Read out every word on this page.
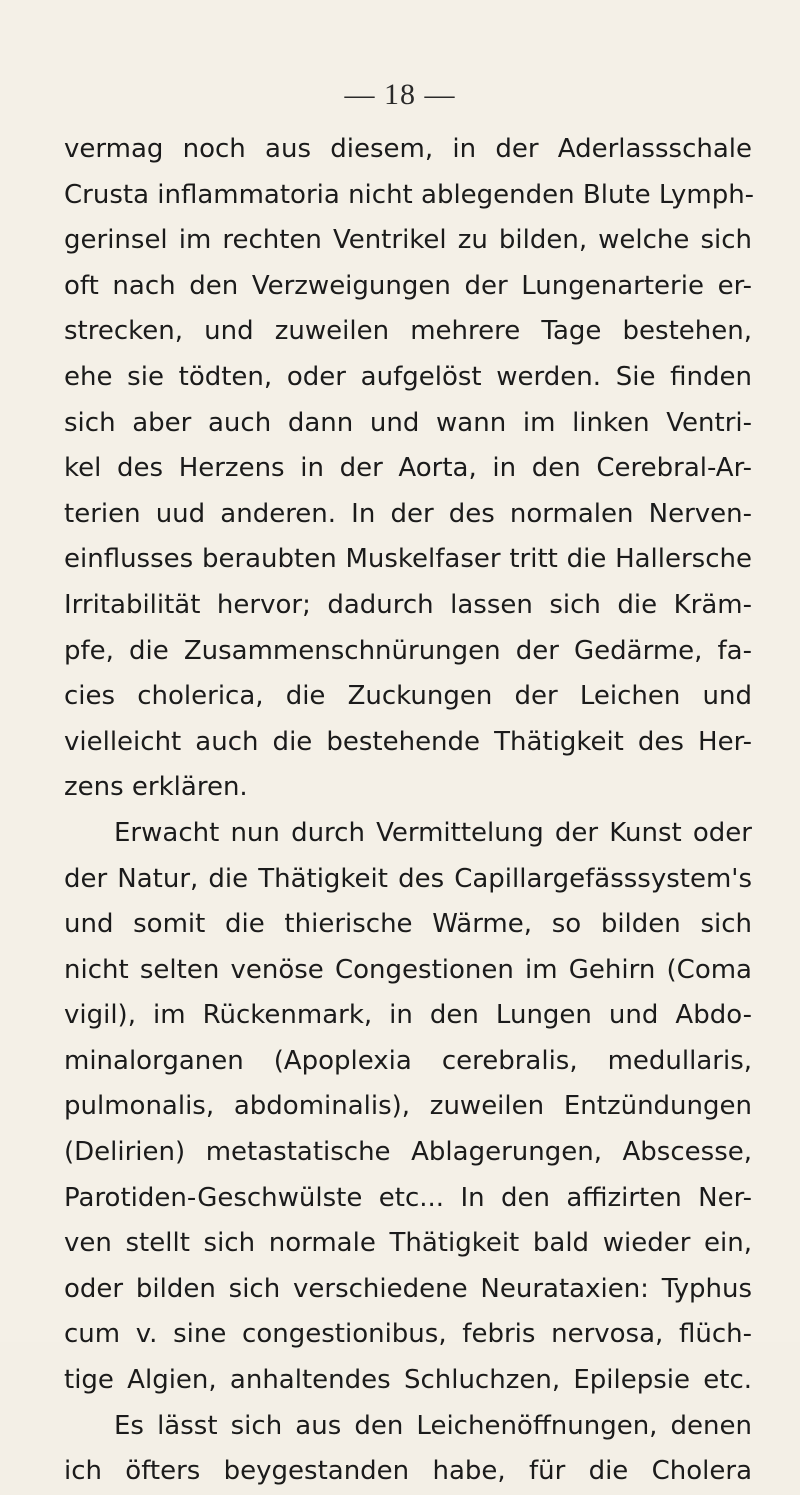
— 18 —
vermag noch aus diesem, in der Aderlassschale
Crusta inflammatoria nicht ablegenden Blute Lymph-
gerinsel im rechten Ventrikel zu bilden, welche sich
oft nach den Verzweigungen der Lungenarterie er-
strecken, und zuweilen mehrere Tage bestehen,
ehe sie tödten, oder aufgelöst werden. Sie finden
sich aber auch dann und wann im linken Ventri-
kel des Herzens in der Aorta, in den Cerebral-Ar-
terien uud anderen. In der des normalen Nerven-
einflusses beraubten Muskelfaser tritt die Hallersche
Irritabilität hervor; dadurch lassen sich die Kräm-
pfe, die Zusammenschnürungen der Gedärme, fa-
cies cholerica, die Zuckungen der Leichen und
vielleicht auch die bestehende Thätigkeit des Her-
zens erklären.
Erwacht nun durch Vermittelung der Kunst oder
der Natur, die Thätigkeit des Capillargefässsystem's
und somit die thierische Wärme, so bilden sich
nicht selten venöse Congestionen im Gehirn (Coma
vigil), im Rückenmark, in den Lungen und Abdo-
minalorganen (Apoplexia cerebralis, medullaris,
pulmonalis, abdominalis), zuweilen Entzündungen
(Delirien) metastatische Ablagerungen, Abscesse,
Parotiden-Geschwülste etc... In den affizirten Ner-
ven stellt sich normale Thätigkeit bald wieder ein,
oder bilden sich verschiedene Neurataxien: Typhus
cum v. sine congestionibus, febris nervosa, flüch-
tige Algien, anhaltendes Schluchzen, Epilepsie etc.
Es lässt sich aus den Leichenöffnungen, denen
ich öfters beygestanden habe, für die Cholera
